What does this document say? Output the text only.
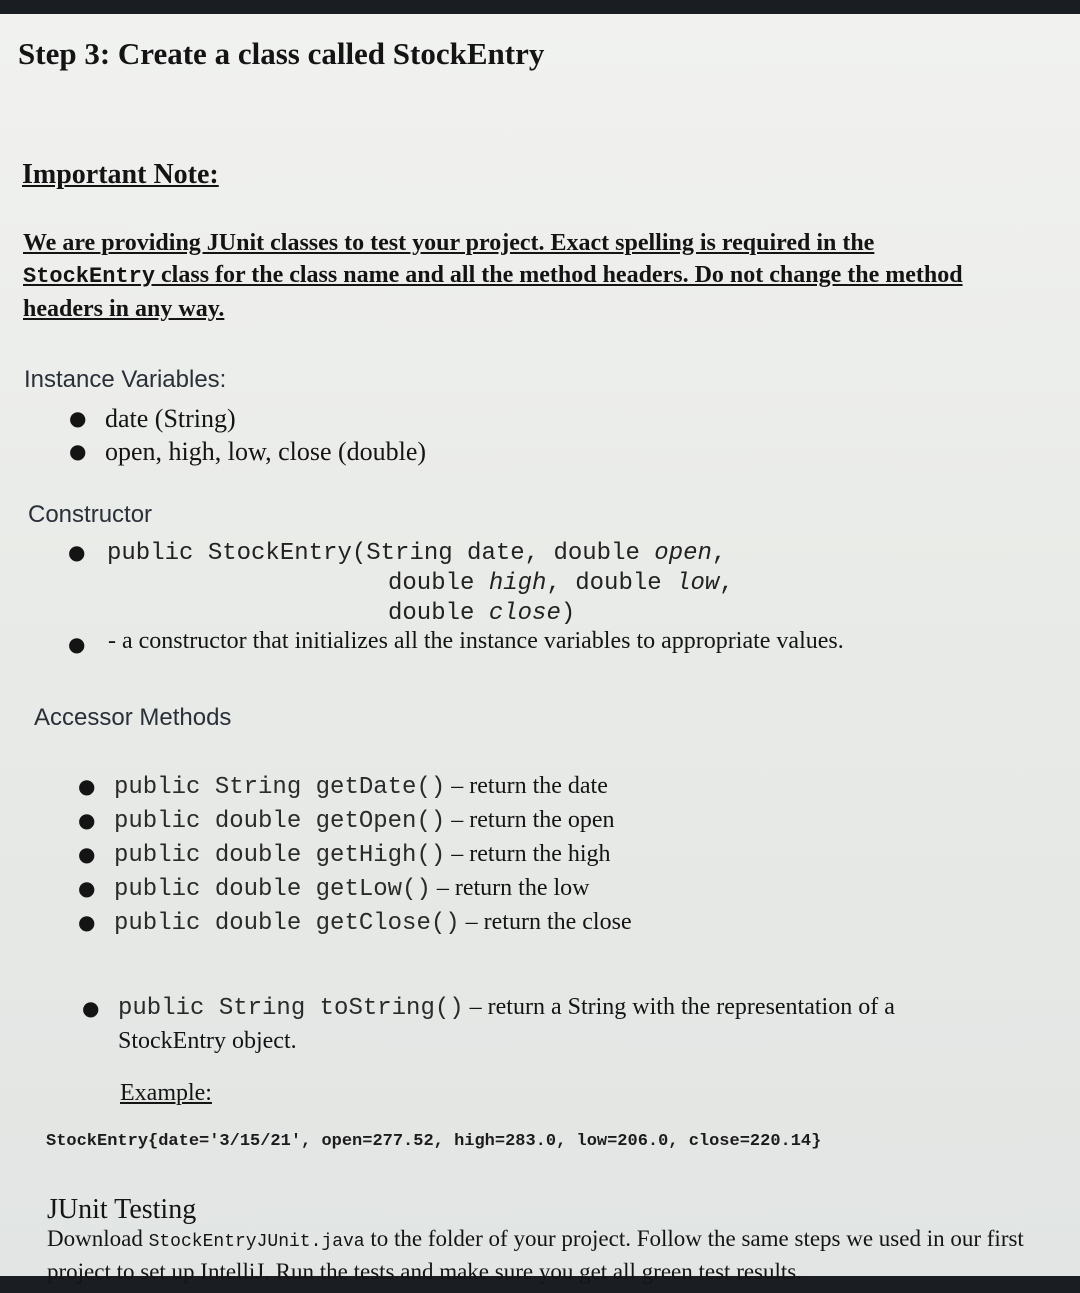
Step 3: Create a class called StockEntry

Important Note:

We are providing JUnit classes to test your project. Exact spelling is required in the StockEntry class for the class name and all the method headers. Do not change the method headers in any way.

Instance Variables:

● date (String)
● open, high, low, close (double)

Constructor

● public StockEntry(String date, double open,
double high, double low,
double close)
● - a constructor that initializes all the instance variables to appropriate values.

Accessor Methods

● public String getDate() – return the date
● public double getOpen() – return the open
● public double getHigh() – return the high
● public double getLow() – return the low
● public double getClose() – return the close
● public String toString() – return a String with the representation of a StockEntry object.
Example:
StockEntry{date='3/15/21', open=277.52, high=283.0, low=206.0, close=220.14}

JUnit Testing

Download StockEntryJUnit.java to the folder of your project. Follow the same steps we used in our first project to set up IntelliJ. Run the tests and make sure you get all green test results.
